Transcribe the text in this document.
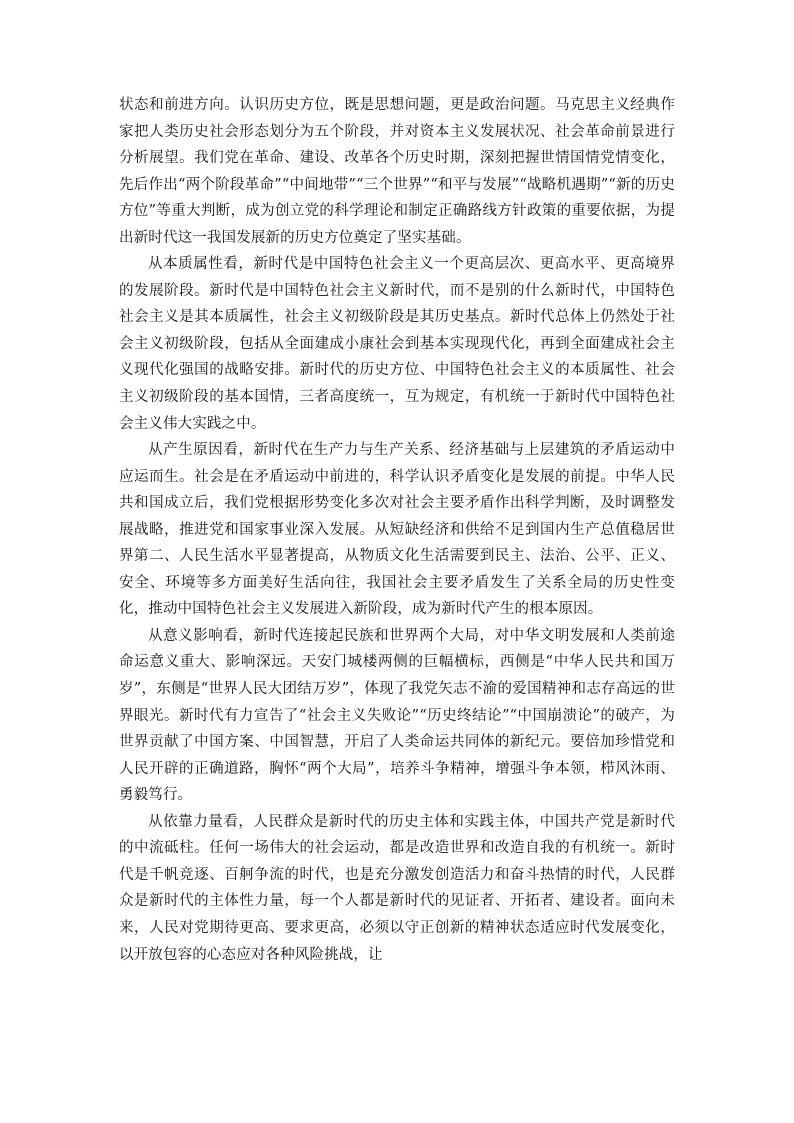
状态和前进方向。认识历史方位，既是思想问题，更是政治问题。马克思主义经典作家把人类历史社会形态划分为五个阶段，并对资本主义发展状况、社会革命前景进行分析展望。我们党在革命、建设、改革各个历史时期，深刻把握世情国情党情变化，先后作出“两个阶段革命”“中间地带”“三个世界”“和平与发展”“战略机遇期”“新的历史方位”等重大判断，成为创立党的科学理论和制定正确路线方针政策的重要依据，为提出新时代这一我国发展新的历史方位奠定了坚实基础。

从本质属性看，新时代是中国特色社会主义一个更高层次、更高水平、更高境界的发展阶段。新时代是中国特色社会主义新时代，而不是别的什么新时代，中国特色社会主义是其本质属性，社会主义初级阶段是其历史基点。新时代总体上仍然处于社会主义初级阶段，包括从全面建成小康社会到基本实现现代化，再到全面建成社会主义现代化强国的战略安排。新时代的历史方位、中国特色社会主义的本质属性、社会主义初级阶段的基本国情，三者高度统一，互为规定，有机统一于新时代中国特色社会主义伟大实践之中。

从产生原因看，新时代在生产力与生产关系、经济基础与上层建筑的矛盾运动中应运而生。社会是在矛盾运动中前进的，科学认识矛盾变化是发展的前提。中华人民共和国成立后，我们党根据形势变化多次对社会主要矛盾作出科学判断，及时调整发展战略，推进党和国家事业深入发展。从短缺经济和供给不足到国内生产总值稳居世界第二、人民生活水平显著提高，从物质文化生活需要到民主、法治、公平、正义、安全、环境等多方面美好生活向往，我国社会主要矛盾发生了关系全局的历史性变化，推动中国特色社会主义发展进入新阶段，成为新时代产生的根本原因。

从意义影响看，新时代连接起民族和世界两个大局，对中华文明发展和人类前途命运意义重大、影响深远。天安门城楼两侧的巨幅横标，西侧是“中华人民共和国万岁”，东侧是“世界人民大团结万岁”，体现了我党矢志不渝的爱国精神和志存高远的世界眼光。新时代有力宣告了“社会主义失败论”“历史终结论”“中国崩溃论”的破产，为世界贡献了中国方案、中国智慧，开启了人类命运共同体的新纪元。要倍加珍惜党和人民开辟的正确道路，胸怀“两个大局”，培养斗争精神，增强斗争本领，栉风沐雨、勇毅笃行。

从依靠力量看，人民群众是新时代的历史主体和实践主体，中国共产党是新时代的中流砥柱。任何一场伟大的社会运动，都是改造世界和改造自我的有机统一。新时代是千帆竞逐、百舸争流的时代，也是充分激发创造活力和奋斗热情的时代，人民群众是新时代的主体性力量，每一个人都是新时代的见证者、开拓者、建设者。面向未来，人民对党期待更高、要求更高，必须以守正创新的精神状态适应时代发展变化，以开放包容的心态应对各种风险挑战，让
